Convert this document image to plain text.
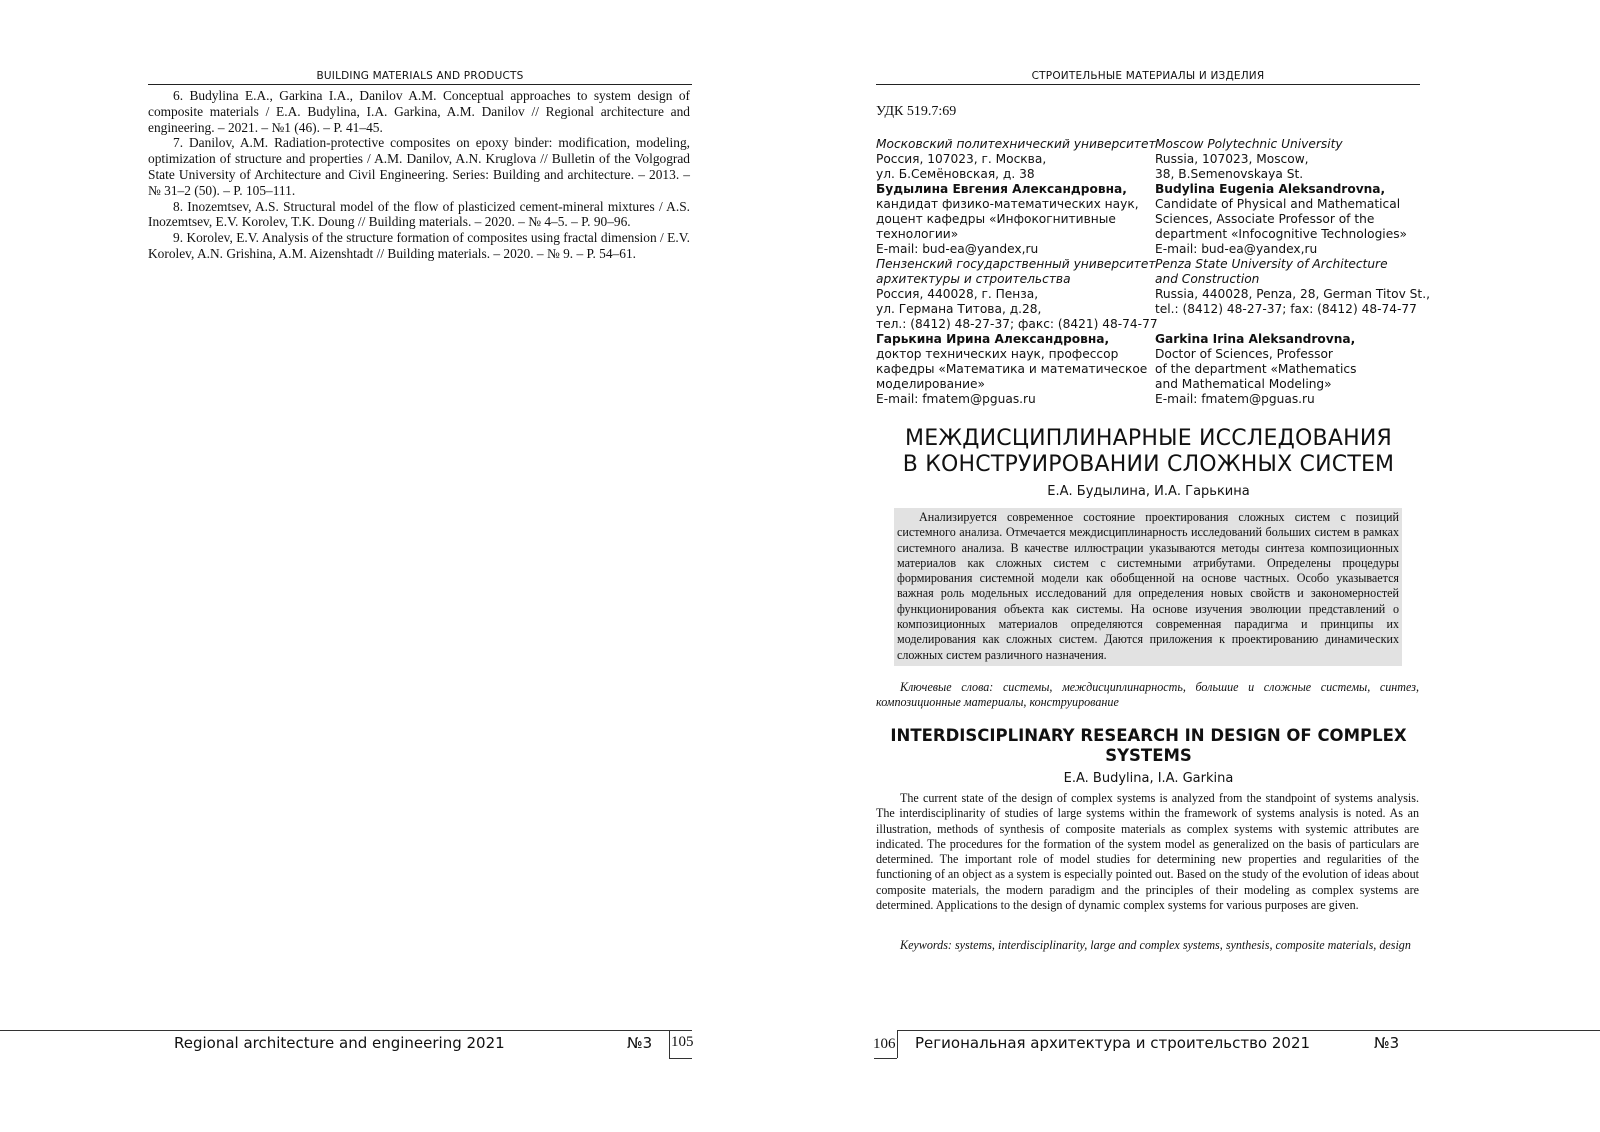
BUILDING MATERIALS AND PRODUCTS

6. Budylina E.A., Garkina I.A., Danilov A.M. Conceptual approaches to system design of composite materials / E.A. Budylina, I.A. Garkina, A.M. Danilov // Regional architecture and engineering. – 2021. – №1 (46). – P. 41–45.

7. Danilov, A.M. Radiation-protective composites on epoxy binder: modification, modeling, optimization of structure and properties / A.M. Danilov, A.N. Kruglova // Bulletin of the Volgograd State University of Architecture and Civil Engineering. Series: Building and architecture. – 2013. – № 31–2 (50). – P. 105–111.

8. Inozemtsev, A.S. Structural model of the flow of plasticized cement-mineral mixtures / A.S. Inozemtsev, E.V. Korolev, T.K. Doung // Building materials. – 2020. – № 4–5. – P. 90–96.

9. Korolev, E.V. Analysis of the structure formation of composites using fractal dimension / E.V. Korolev, A.N. Grishina, A.M. Aizenshtadt // Building materials. – 2020. – № 9. – P. 54–61.

Regional architecture and engineering 2021	№3 105
СТРОИТЕЛЬНЫЕ МАТЕРИАЛЫ И ИЗДЕЛИЯ
УДК 519.7:69
Московский политехнический университет
Россия, 107023, г. Москва,
ул. Б.Семёновская, д. 38
Будылина Евгения Александровна,
кандидат физико-математических наук,
доцент кафедры «Инфокогнитивные
технологии»
E-mail: bud-ea@yandex,ru
Пензенский государственный университет
архитектуры и строительства
Россия, 440028, г. Пенза,
ул. Германа Титова, д.28,
тел.: (8412) 48-27-37; факс: (8421) 48-74-77
Гарькина Ирина Александровна,
доктор технических наук, профессор
кафедры «Математика и математическое
моделирование»
E-mail: fmatem@pguas.ru
Moscow Polytechnic University
Russia, 107023, Moscow,
38, B.Semenovskaya St.
Budylina Eugenia Aleksandrovna,
Candidate of Physical and Mathematical
Sciences, Associate Professor of the
department «Infocognitive Technologies»
E-mail: bud-ea@yandex,ru
Penza State University of Architecture
and Construction
Russia, 440028, Penza, 28, German Titov St.,
tel.: (8412) 48-27-37; fax: (8412) 48-74-77
Garkina Irina Aleksandrovna,
Doctor of Sciences, Professor
of the department «Mathematics
and Mathematical Modeling»
E-mail: fmatem@pguas.ru
МЕЖДИСЦИПЛИНАРНЫЕ ИССЛЕДОВАНИЯ
В КОНСТРУИРОВАНИИ СЛОЖНЫХ СИСТЕМ
Е.А. Будылина, И.А. Гарькина

Анализируется современное состояние проектирования сложных систем с позиций системного анализа. Отмечается междисциплинарность исследований больших систем в рамках системного анализа. В качестве иллюстрации указываются методы синтеза композиционных материалов как сложных систем с системными атрибутами. Определены процедуры формирования системной модели как обобщенной на основе частных. Особо указывается важная роль модельных исследований для определения новых свойств и закономерностей функционирования объекта как системы. На основе изучения эволюции представлений о композиционных материалов определяются современная парадигма и принципы их моделирования как сложных систем. Даются приложения к проектированию динамических сложных систем различного назначения.

Ключевые слова: системы, междисциплинарность, большие и сложные системы, синтез, композиционные материалы, конструирование

INTERDISCIPLINARY RESEARCH IN DESIGN OF COMPLEX
SYSTEMS
E.A. Budylina, I.A. Garkina

The current state of the design of complex systems is analyzed from the standpoint of systems analysis. The interdisciplinarity of studies of large systems within the framework of systems analysis is noted. As an illustration, methods of synthesis of composite materials as complex systems with systemic attributes are indicated. The procedures for the formation of the system model as generalized on the basis of particulars are determined. The important role of model studies for determining new properties and regularities of the functioning of an object as a system is especially pointed out. Based on the study of the evolution of ideas about composite materials, the modern paradigm and the principles of their modeling as complex systems are determined. Applications to the design of dynamic complex systems for various purposes are given.

Keywords: systems, interdisciplinarity, large and complex systems, synthesis, composite materials, design

106 Региональная архитектура и строительство 2021	№3
